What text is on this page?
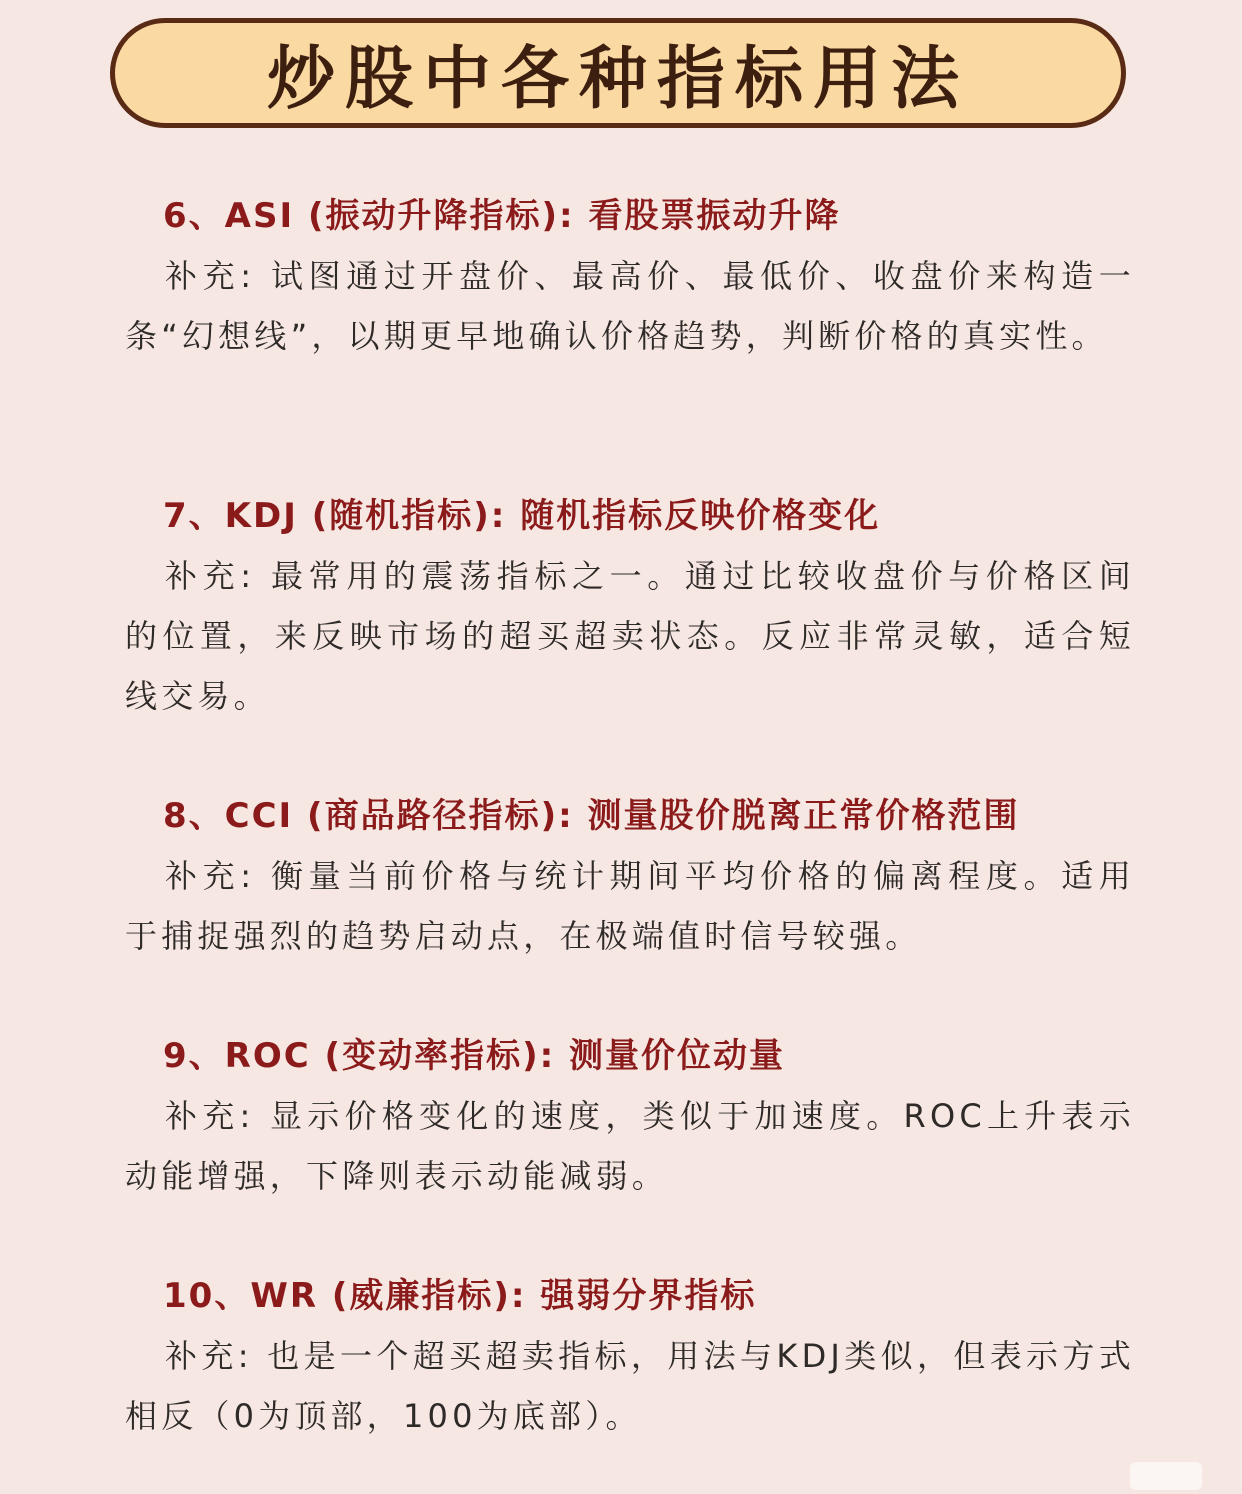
炒股中各种指标用法
6、ASI (振动升降指标): 看股票振动升降
补充: 试图通过开盘价、最高价、最低价、收盘价来构造一条“幻想线”，以期更早地确认价格趋势，判断价格的真实性。
7、KDJ (随机指标): 随机指标反映价格变化
补充: 最常用的震荡指标之一。通过比较收盘价与价格区间的位置，来反映市场的超买超卖状态。反应非常灵敏，适合短线交易。
8、CCI (商品路径指标): 测量股价脱离正常价格范围
补充: 衡量当前价格与统计期间平均价格的偏离程度。适用于捕捉强烈的趋势启动点，在极端值时信号较强。
9、ROC (变动率指标): 测量价位动量
补充: 显示价格变化的速度，类似于加速度。ROC上升表示动能增强，下降则表示动能减弱。
10、WR (威廉指标): 强弱分界指标
补充: 也是一个超买超卖指标，用法与KDJ类似，但表示方式相反（0为顶部，100为底部）。
